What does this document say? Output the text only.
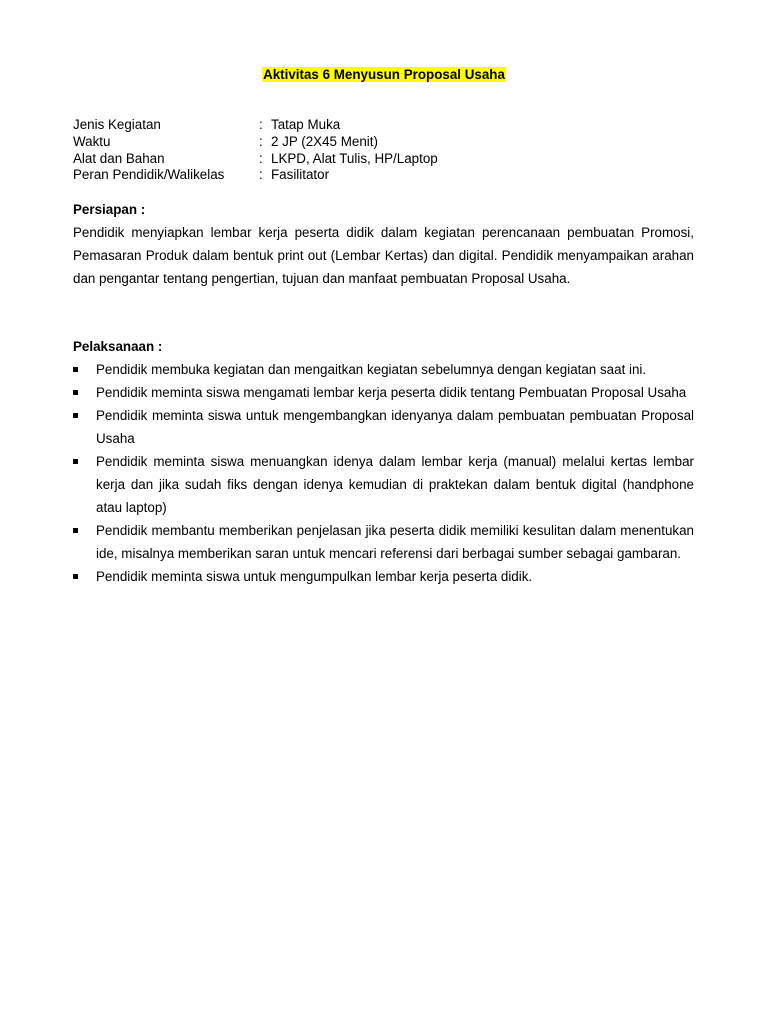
Aktivitas 6 Menyusun Proposal Usaha
Jenis Kegiatan	: Tatap Muka
Waktu	: 2 JP (2X45 Menit)
Alat dan Bahan	: LKPD, Alat Tulis, HP/Laptop
Peran Pendidik/Walikelas	: Fasilitator
Persiapan :

Pendidik menyiapkan lembar kerja peserta didik dalam kegiatan perencanaan pembuatan Promosi, Pemasaran Produk dalam bentuk print out (Lembar Kertas) dan digital. Pendidik menyampaikan arahan dan pengantar tentang pengertian, tujuan dan manfaat pembuatan Proposal Usaha.

Pelaksanaan :
Pendidik membuka kegiatan dan mengaitkan kegiatan sebelumnya dengan kegiatan saat ini.
Pendidik meminta siswa mengamati lembar kerja peserta didik tentang Pembuatan Proposal Usaha
Pendidik meminta siswa untuk mengembangkan idenyanya dalam pembuatan pembuatan Proposal Usaha
Pendidik meminta siswa menuangkan idenya dalam lembar kerja (manual) melalui kertas lembar kerja dan jika sudah fiks dengan idenya kemudian di praktekan dalam bentuk digital (handphone atau laptop)
Pendidik membantu memberikan penjelasan jika peserta didik memiliki kesulitan dalam menentukan ide, misalnya memberikan saran untuk mencari referensi dari berbagai sumber sebagai gambaran.
Pendidik meminta siswa untuk mengumpulkan lembar kerja peserta didik.
